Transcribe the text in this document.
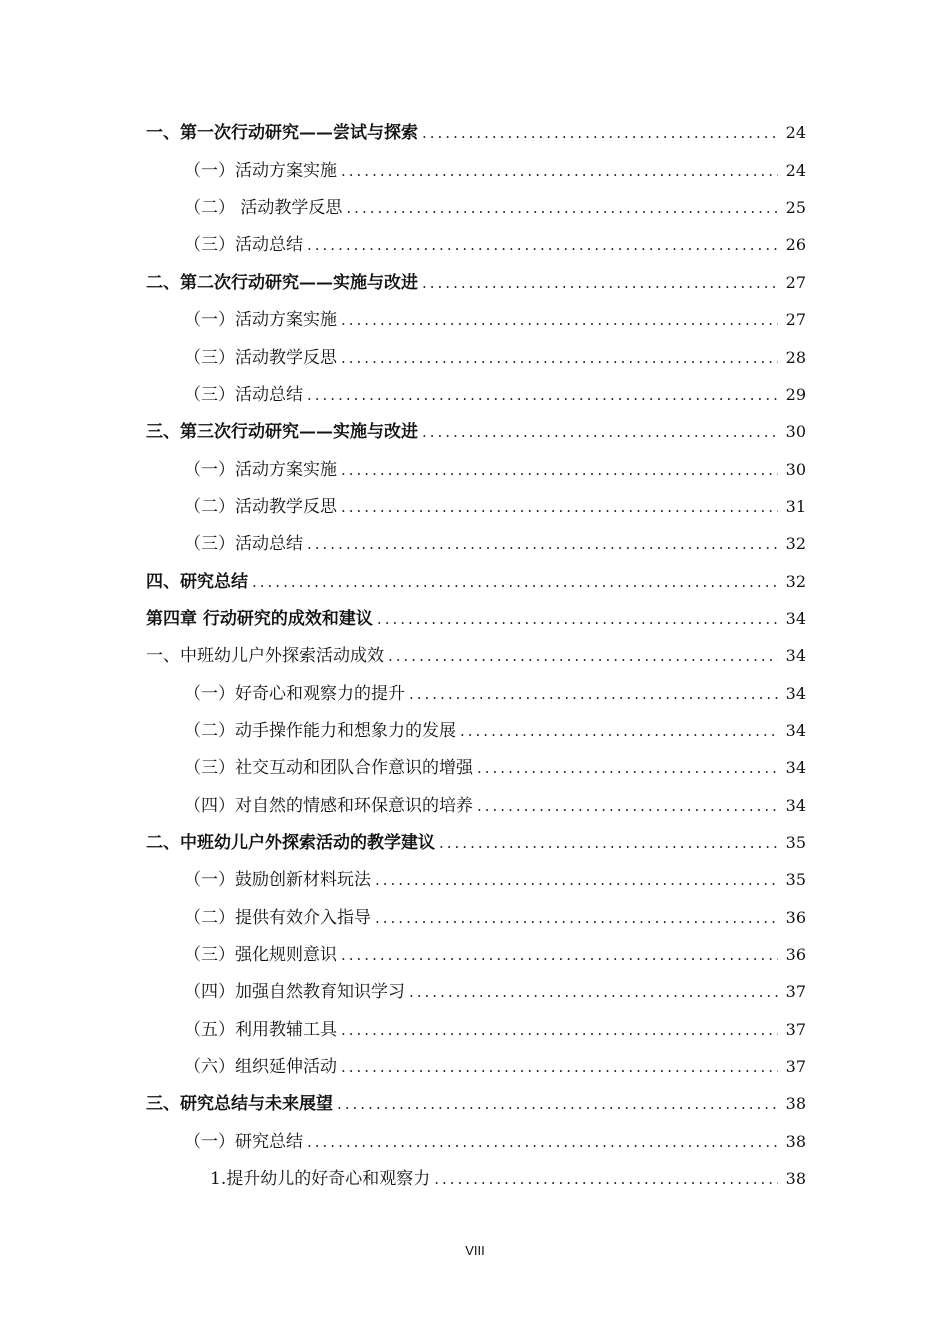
一、第一次行动研究——尝试与探索 .....	24
（一）活动方案实施 .....	24
（二） 活动教学反思 .....	25
（三）活动总结 .....	26
二、第二次行动研究——实施与改进 .....	27
（一）活动方案实施 .....	27
（三）活动教学反思 .....	28
（三）活动总结 .....	29
三、第三次行动研究——实施与改进 .....	30
（一）活动方案实施 .....	30
（二）活动教学反思 .....	31
（三）活动总结 .....	32
四、研究总结 .....	32
第四章 行动研究的成效和建议 .....	34
一、中班幼儿户外探索活动成效 .....	34
（一）好奇心和观察力的提升 .....	34
（二）动手操作能力和想象力的发展 .....	34
（三）社交互动和团队合作意识的增强 .....	34
（四）对自然的情感和环保意识的培养 .....	34
二、中班幼儿户外探索活动的教学建议 .....	35
（一）鼓励创新材料玩法 .....	35
（二）提供有效介入指导 .....	36
（三）强化规则意识 .....	36
（四）加强自然教育知识学习 .....	37
（五）利用教辅工具 .....	37
（六）组织延伸活动 .....	37
三、研究总结与未来展望 .....	38
（一）研究总结 .....	38
1.提升幼儿的好奇心和观察力 .....	38
VIII
